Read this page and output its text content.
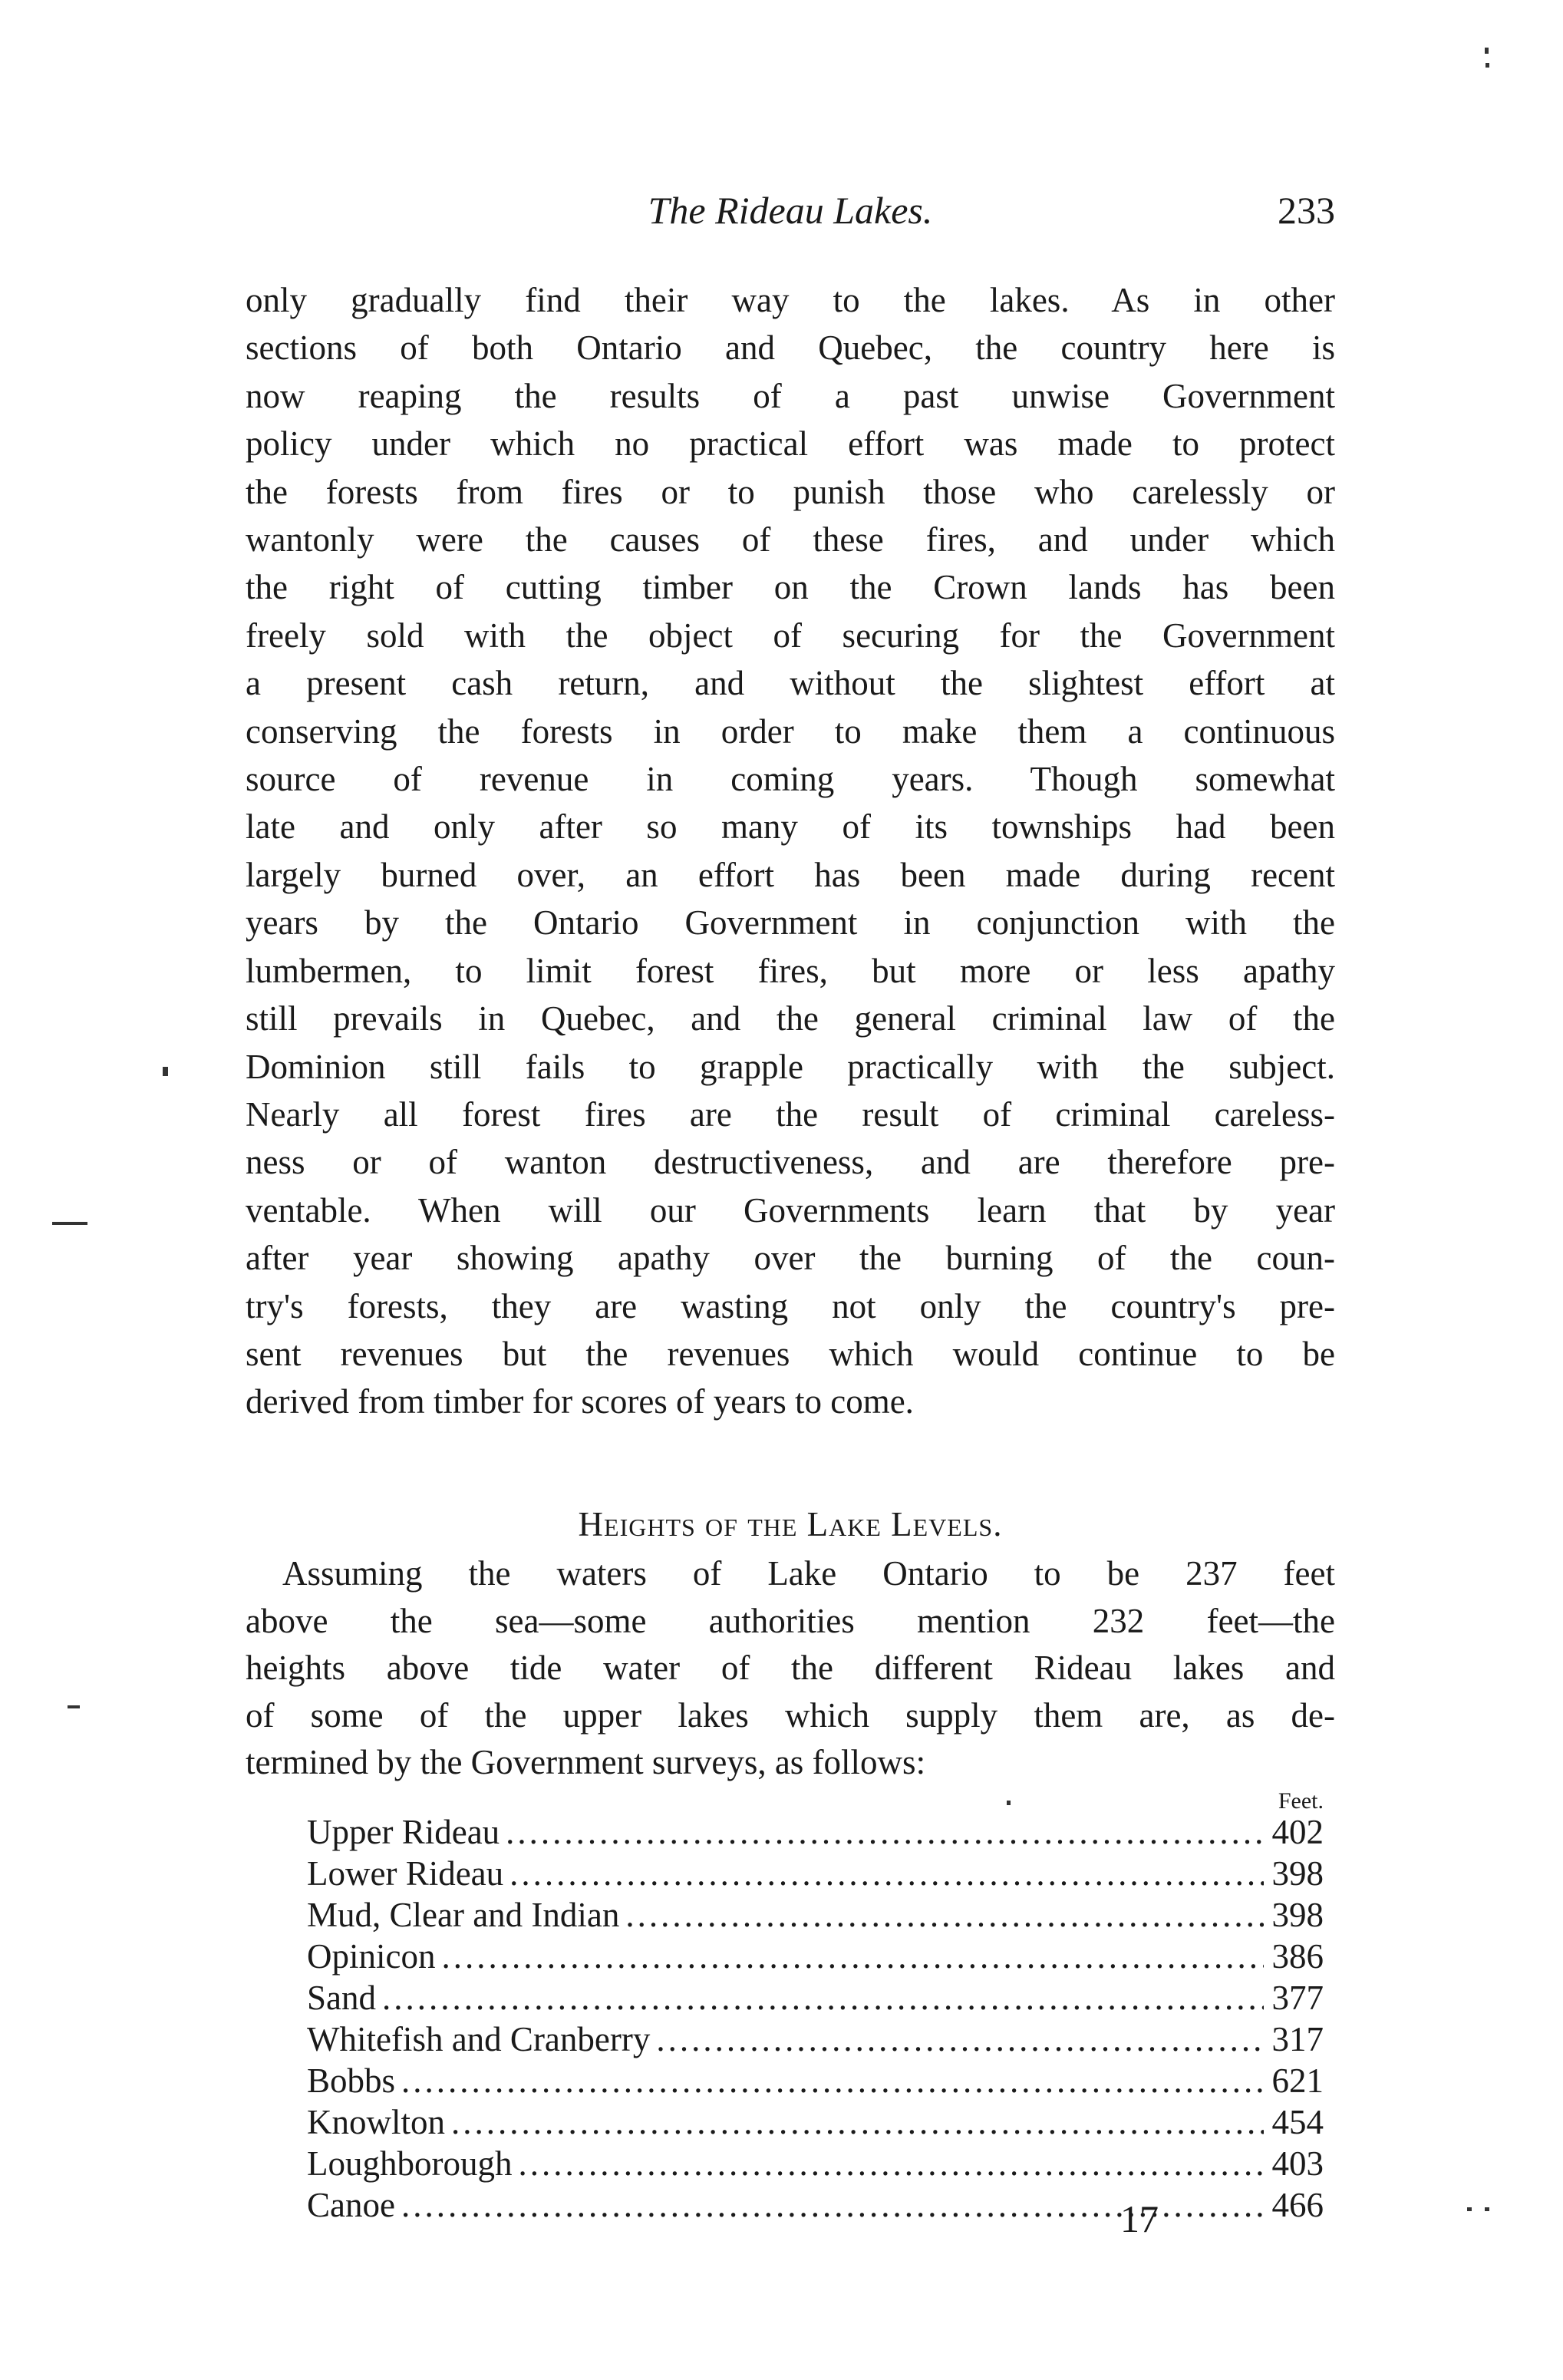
The Rideau Lakes.	233
only gradually find their way to the lakes. As in other
sections of both Ontario and Quebec, the country here is
now reaping the results of a past unwise Government
policy under which no practical effort was made to protect
the forests from fires or to punish those who carelessly or
wantonly were the causes of these fires, and under which
the right of cutting timber on the Crown lands has been
freely sold with the object of securing for the Government
a present cash return, and without the slightest effort at
conserving the forests in order to make them a continuous
source of revenue in coming years. Though somewhat
late and only after so many of its townships had been
largely burned over, an effort has been made during recent
years by the Ontario Government in conjunction with the
lumbermen, to limit forest fires, but more or less apathy
still prevails in Quebec, and the general criminal law of the
Dominion still fails to grapple practically with the subject.
Nearly all forest fires are the result of criminal careless-
ness or of wanton destructiveness, and are therefore pre-
ventable. When will our Governments learn that by year
after year showing apathy over the burning of the coun-
try's forests, they are wasting not only the country's pre-
sent revenues but the revenues which would continue to be
derived from timber for scores of years to come.
Heights of the Lake Levels.
Assuming the waters of Lake Ontario to be 237 feet
above the sea—some authorities mention 232 feet—the
heights above tide water of the different Rideau lakes and
of some of the upper lakes which supply them are, as de-
termined by the Government surveys, as follows:
Feet.
Upper Rideau .....	402
Lower Rideau .....	398
Mud, Clear and Indian .....	398
Opinicon .....	386
Sand .....	377
Whitefish and Cranberry .....	317
Bobbs .....	621
Knowlton .....	454
Loughborough .....	403
Canoe .....	466
17
